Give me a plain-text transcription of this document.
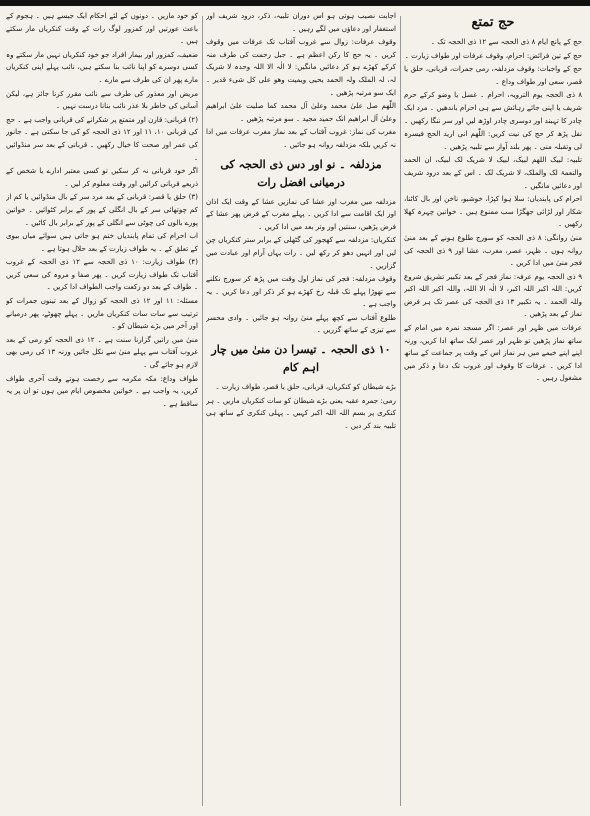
حج تمتع

حج کے پانچ ایام ۸ ذی الحجہ سے ۱۲ ذی الحجہ تک ۔

حج کے تین فرائض: احرام، وقوف عرفات اور طواف زیارت ۔

حج کے واجبات: وقوف مزدلفہ، رمی جمرات، قربانی، حلق یا قصر، سعی اور طواف وداع ۔

۸ ذی الحجہ یوم الترویہ، احرام ۔ غسل یا وضو کرکے حرم شریف یا اپنی جائے رہائش سے ہی احرام باندھیں ۔ مرد ایک چادر کا تہبند اور دوسری چادر اوڑھ لیں اور سر ننگا رکھیں ۔

نفل پڑھ کر حج کی نیت کریں: اللّٰھم انی ارید الحج فیسرہ لی وتقبلہ منی ۔ پھر بلند آواز سے تلبیہ پڑھیں ۔

تلبیہ: لبیک اللھم لبیک، لبیک لا شریک لک لبیک، ان الحمد والنعمۃ لک والملک، لا شریک لک ۔ اس کے بعد درود شریف اور دعائیں مانگیں ۔

احرام کی پابندیاں: سلا ہوا کپڑا، خوشبو، ناخن اور بال کاٹنا، شکار اور لڑائی جھگڑا سب ممنوع ہیں ۔ خواتین چہرہ کھلا رکھیں ۔

منیٰ روانگی: ۸ ذی الحجہ کو سورج طلوع ہونے کے بعد منیٰ روانہ ہوں ۔ ظہر، عصر، مغرب، عشا اور ۹ ذی الحجہ کی فجر منیٰ میں ادا کریں ۔

۹ ذی الحجہ یوم عرفہ: نماز فجر کے بعد تکبیر تشریق شروع کریں: اللہ اکبر اللہ اکبر، لا الٰہ الا اللہ، واللہ اکبر اللہ اکبر وللہ الحمد ۔ یہ تکبیر ۱۳ ذی الحجہ کی عصر تک ہر فرض نماز کے بعد پڑھیں ۔

عرفات میں ظہر اور عصر: اگر مسجد نمرہ میں امام کے ساتھ نماز پڑھیں تو ظہر اور عصر ایک ساتھ ادا کریں، ورنہ اپنے اپنے خیمے میں ہر نماز اس کے وقت پر جماعت کے ساتھ ادا کریں ۔ عرفات کا وقوف اور غروب تک دعا و ذکر میں مشغول رہیں ۔

اجابت نصیب ہوتی ہو اس دوران تلبیہ، ذکر، درود شریف اور استغفار اور دعاؤں میں لگے رہیں ۔

وقوف عرفات: زوال سے غروب آفتاب تک عرفات میں وقوف کریں ۔ یہ حج کا رکن اعظم ہے ۔ جبل رحمت کی طرف منہ کرکے کھڑے ہو کر دعائیں مانگیں: لا الٰہ الا اللہ وحدہ لا شریک لہ، لہ الملک ولہ الحمد یحیی ویمیت وھو علی کل شیء قدیر ۔ ایک سو مرتبہ پڑھیں ۔

اللّٰھم صل علیٰ محمد وعلیٰ آل محمد کما صلیت علیٰ ابراھیم وعلیٰ آل ابراھیم انک حمید مجید ۔ سو مرتبہ پڑھیں ۔

مغرب کی نماز: غروب آفتاب کے بعد نماز مغرب عرفات میں ادا نہ کریں بلکہ مزدلفہ روانہ ہو جائیں ۔

مزدلفہ ۔ نو اور دس ذی الحجہ کی درمیانی افضل رات

مزدلفہ میں مغرب اور عشا کی نمازیں عشا کے وقت ایک اذان اور ایک اقامت سے ادا کریں ۔ پہلے مغرب کے فرض پھر عشا کے فرض پڑھیں، سنتیں اور وتر بعد میں ادا کریں ۔

کنکریاں: مزدلفہ سے کھجور کی گٹھلی کے برابر ستر کنکریاں چن لیں اور انہیں دھو کر رکھ لیں ۔ رات یہاں آرام اور عبادت میں گزاریں ۔

وقوف مزدلفہ: فجر کی نماز اول وقت میں پڑھ کر سورج نکلنے سے تھوڑا پہلے تک قبلہ رخ کھڑے ہو کر ذکر اور دعا کریں ۔ یہ واجب ہے ۔

طلوع آفتاب سے کچھ پہلے منیٰ روانہ ہو جائیں ۔ وادی محسر سے تیزی کے ساتھ گزریں ۔

۱۰ ذی الحجہ ۔ تیسرا دن منیٰ میں چار اہم کام

بڑے شیطان کو کنکریاں، قربانی، حلق یا قصر، طواف زیارت ۔

رمی: جمرہ عقبہ یعنی بڑے شیطان کو سات کنکریاں ماریں ۔ ہر کنکری پر بسم اللہ اللہ اکبر کہیں ۔ پہلی کنکری کے ساتھ ہی تلبیہ بند کر دیں ۔

کو خود ماریں ۔ دونوں کے لئے احکام ایک جیسے ہیں ۔ ہجوم کے باعث عورتیں اور کمزور لوگ رات کے وقت کنکریاں مار سکتے ہیں ۔

ضعیف، کمزور اور بیمار افراد جو خود کنکریاں نہیں مار سکتے وہ کسی دوسرے کو اپنا نائب بنا سکتے ہیں، نائب پہلے اپنی کنکریاں مارے پھر ان کی طرف سے مارے ۔

مریض اور معذور کی طرف سے نائب مقرر کرنا جائز ہے، لیکن آسانی کی خاطر بلا عذر نائب بنانا درست نہیں ۔

(۲) قربانی: قارن اور متمتع پر شکرانے کی قربانی واجب ہے ۔ حج کی قربانی ۱۰، ۱۱ اور ۱۲ ذی الحجہ کو کی جا سکتی ہے ۔ جانور کی عمر اور صحت کا خیال رکھیں ۔ قربانی کے بعد سر منڈوائیں ۔

اگر خود قربانی نہ کر سکیں تو کسی معتبر ادارے یا شخص کے ذریعے قربانی کرائیں اور وقت معلوم کر لیں ۔

(۳) حلق یا قصر: قربانی کے بعد مرد سر کے بال منڈوائیں یا کم از کم چوتھائی سر کے بال انگلی کے پور کے برابر کٹوائیں ۔ خواتین پورے بالوں کی چوٹی سے انگلی کے پور کے برابر بال کاٹیں ۔

اب احرام کی تمام پابندیاں ختم ہو جاتی ہیں سوائے میاں بیوی کے تعلق کے ۔ یہ طواف زیارت کے بعد حلال ہوتا ہے ۔

(۴) طواف زیارت: ۱۰ ذی الحجہ سے ۱۲ ذی الحجہ کے غروب آفتاب تک طواف زیارت کریں ۔ پھر صفا و مروہ کی سعی کریں ۔ طواف کے بعد دو رکعت واجب الطواف ادا کریں ۔

مسئلہ: ۱۱ اور ۱۲ ذی الحجہ کو زوال کے بعد تینوں جمرات کو ترتیب سے سات سات کنکریاں ماریں ۔ پہلے چھوٹے، پھر درمیانے اور آخر میں بڑے شیطان کو ۔

منیٰ میں راتیں گزارنا سنت ہے ۔ ۱۲ ذی الحجہ کو رمی کے بعد غروب آفتاب سے پہلے منیٰ سے نکل جائیں ورنہ ۱۳ کی رمی بھی لازم ہو جائے گی ۔

طواف وداع: مکہ مکرمہ سے رخصت ہوتے وقت آخری طواف کریں، یہ واجب ہے ۔ خواتین مخصوص ایام میں ہوں تو ان پر یہ ساقط ہے ۔
